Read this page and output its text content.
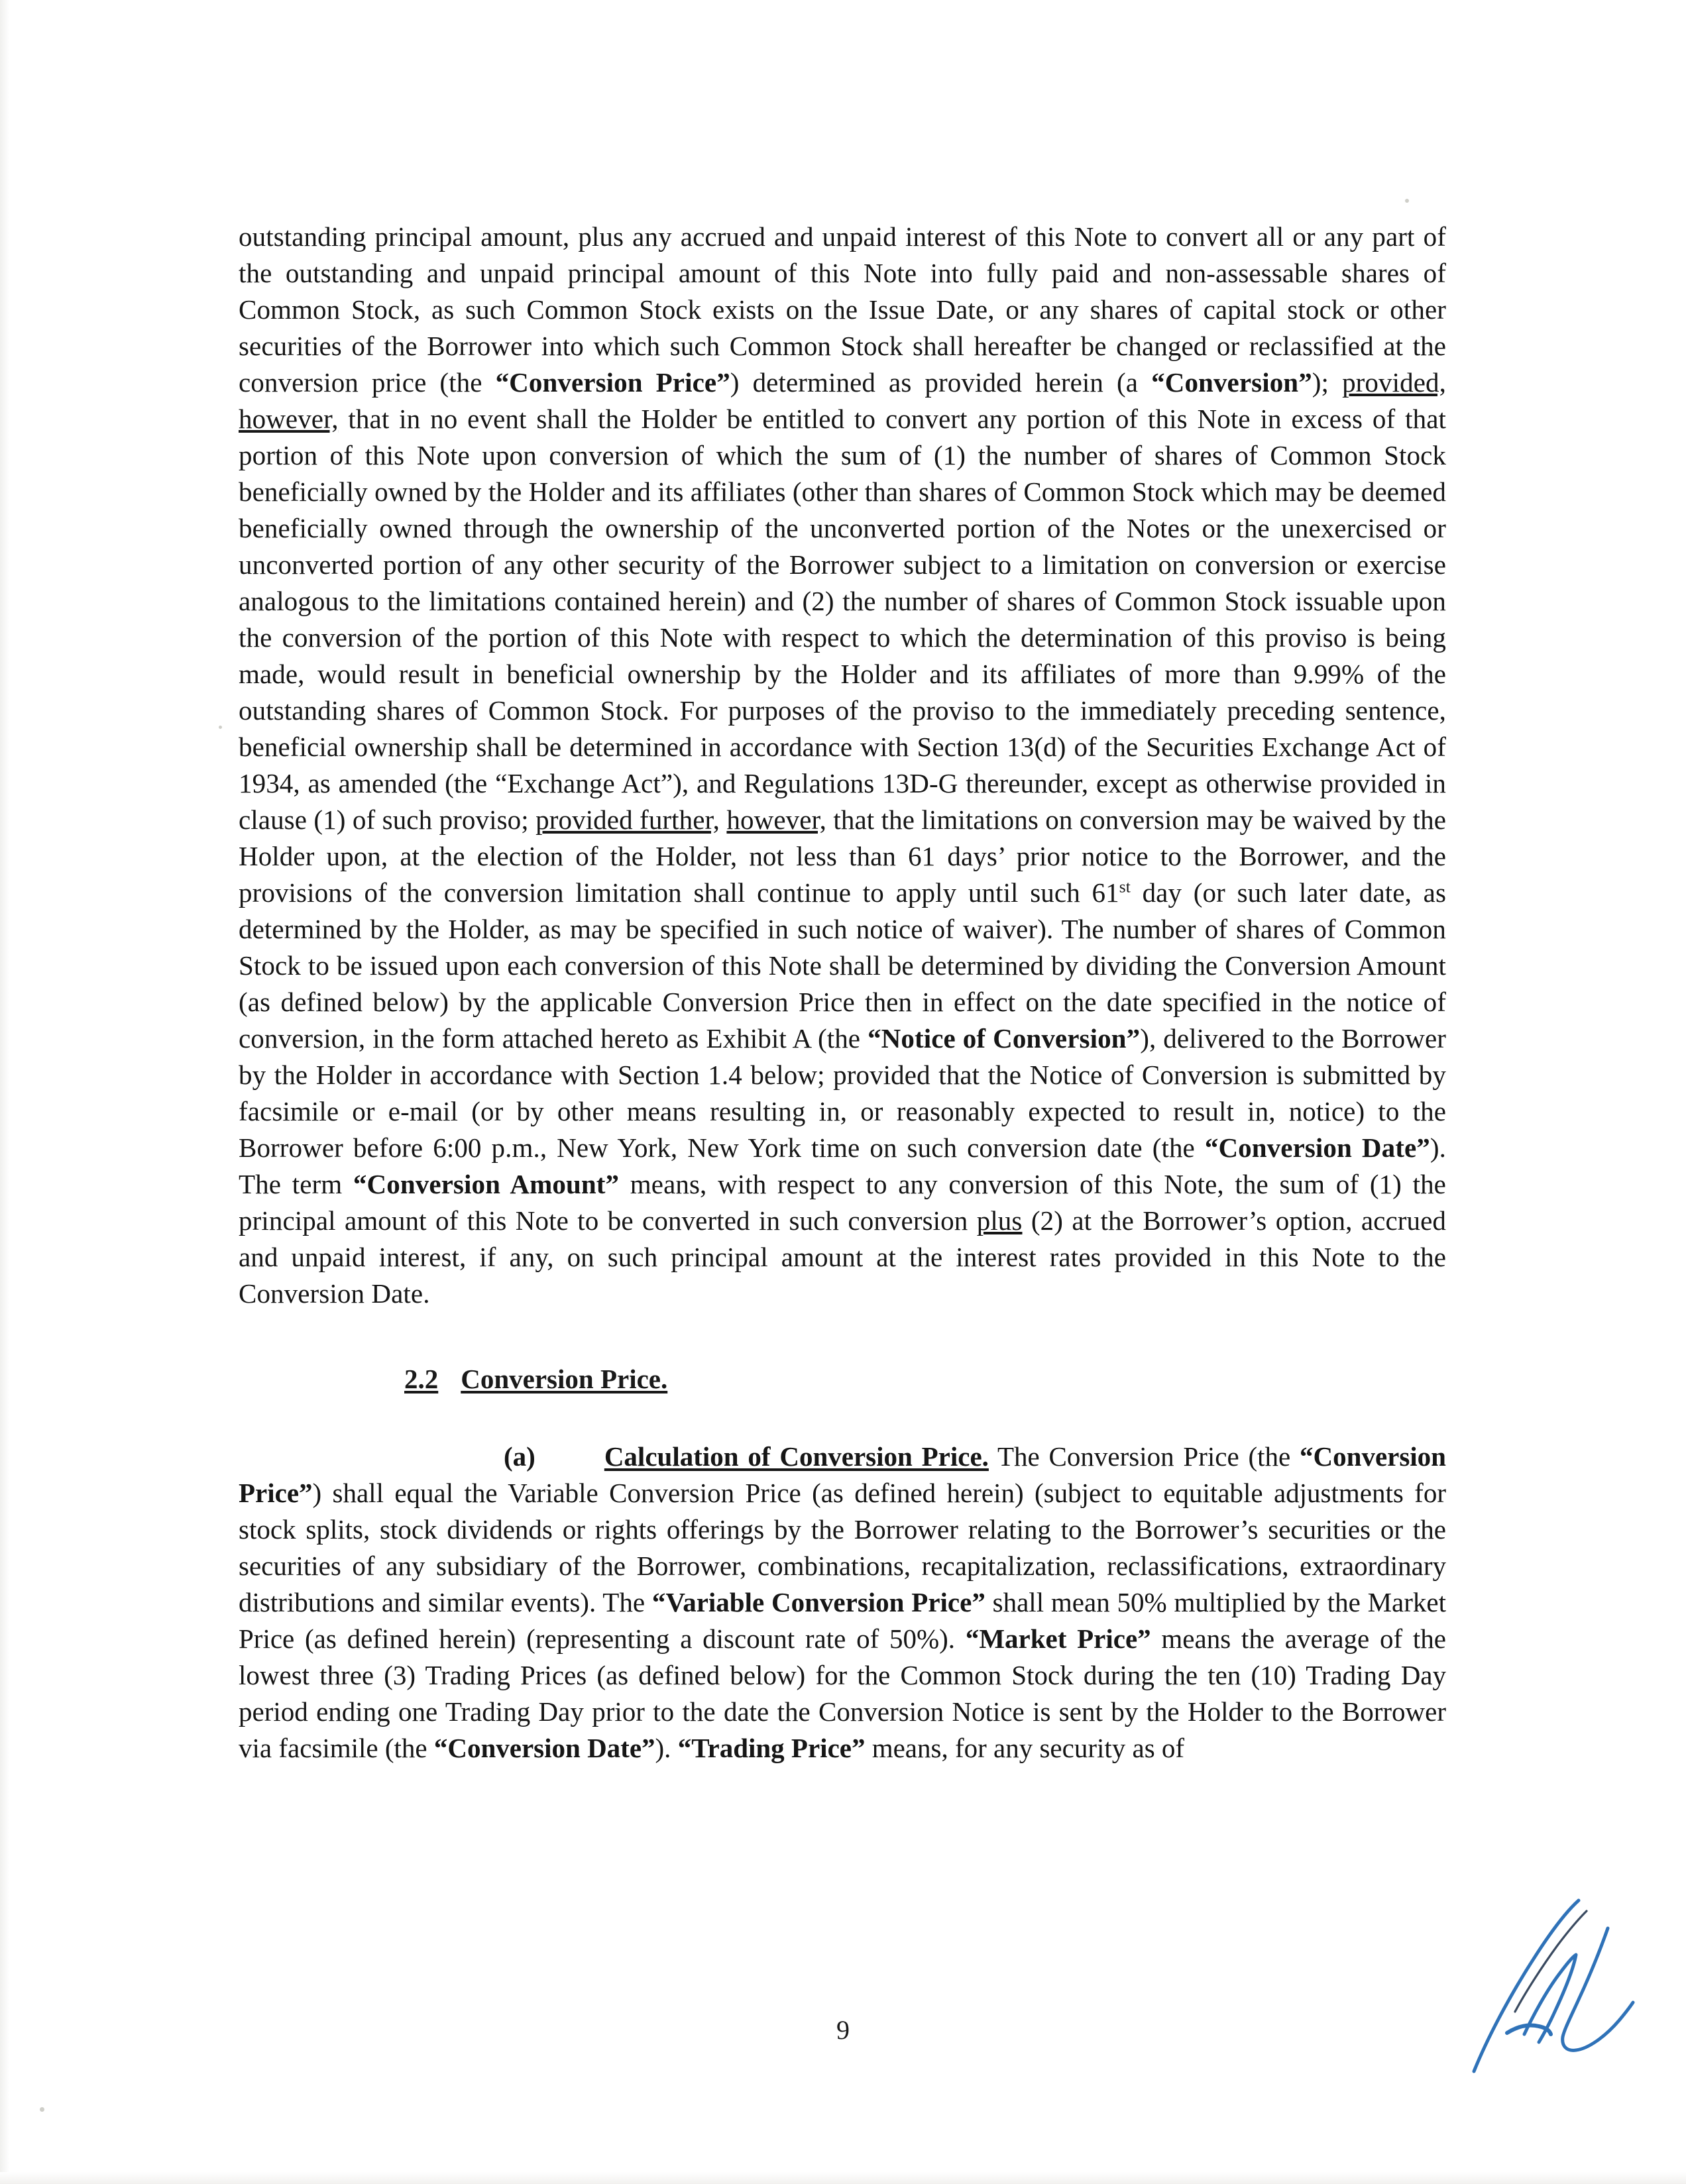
outstanding principal amount, plus any accrued and unpaid interest of this Note to convert all or any part of the outstanding and unpaid principal amount of this Note into fully paid and non-assessable shares of Common Stock, as such Common Stock exists on the Issue Date, or any shares of capital stock or other securities of the Borrower into which such Common Stock shall hereafter be changed or reclassified at the conversion price (the “Conversion Price”) determined as provided herein (a “Conversion”); provided, however, that in no event shall the Holder be entitled to convert any portion of this Note in excess of that portion of this Note upon conversion of which the sum of (1) the number of shares of Common Stock beneficially owned by the Holder and its affiliates (other than shares of Common Stock which may be deemed beneficially owned through the ownership of the unconverted portion of the Notes or the unexercised or unconverted portion of any other security of the Borrower subject to a limitation on conversion or exercise analogous to the limitations contained herein) and (2) the number of shares of Common Stock issuable upon the conversion of the portion of this Note with respect to which the determination of this proviso is being made, would result in beneficial ownership by the Holder and its affiliates of more than 9.99% of the outstanding shares of Common Stock. For purposes of the proviso to the immediately preceding sentence, beneficial ownership shall be determined in accordance with Section 13(d) of the Securities Exchange Act of 1934, as amended (the “Exchange Act”), and Regulations 13D-G thereunder, except as otherwise provided in clause (1) of such proviso; provided further, however, that the limitations on conversion may be waived by the Holder upon, at the election of the Holder, not less than 61 days’ prior notice to the Borrower, and the provisions of the conversion limitation shall continue to apply until such 61st day (or such later date, as determined by the Holder, as may be specified in such notice of waiver). The number of shares of Common Stock to be issued upon each conversion of this Note shall be determined by dividing the Conversion Amount (as defined below) by the applicable Conversion Price then in effect on the date specified in the notice of conversion, in the form attached hereto as Exhibit A (the “Notice of Conversion”), delivered to the Borrower by the Holder in accordance with Section 1.4 below; provided that the Notice of Conversion is submitted by facsimile or e-mail (or by other means resulting in, or reasonably expected to result in, notice) to the Borrower before 6:00 p.m., New York, New York time on such conversion date (the “Conversion Date”). The term “Conversion Amount” means, with respect to any conversion of this Note, the sum of (1) the principal amount of this Note to be converted in such conversion plus (2) at the Borrower’s option, accrued and unpaid interest, if any, on such principal amount at the interest rates provided in this Note to the Conversion Date.

2.2 Conversion Price.

(a)	Calculation of Conversion Price. The Conversion Price (the “Conversion Price”) shall equal the Variable Conversion Price (as defined herein) (subject to equitable adjustments for stock splits, stock dividends or rights offerings by the Borrower relating to the Borrower’s securities or the securities of any subsidiary of the Borrower, combinations, recapitalization, reclassifications, extraordinary distributions and similar events). The “Variable Conversion Price” shall mean 50% multiplied by the Market Price (as defined herein) (representing a discount rate of 50%). “Market Price” means the average of the lowest three (3) Trading Prices (as defined below) for the Common Stock during the ten (10) Trading Day period ending one Trading Day prior to the date the Conversion Notice is sent by the Holder to the Borrower via facsimile (the “Conversion Date”). “Trading Price” means, for any security as of

9
